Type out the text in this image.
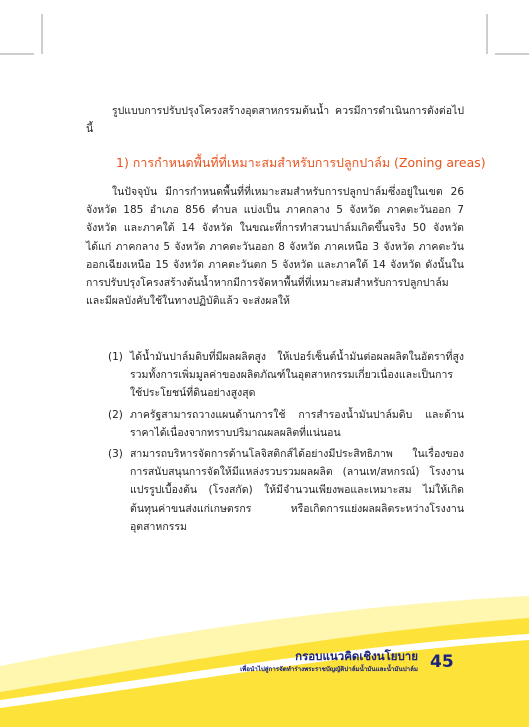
รูปแบบการปรับปรุงโครงสร้างอุตสาหกรรมต้นน้ำ ควรมีการดำเนินการดังต่อไปนี้

1) การกำหนดพื้นที่ที่เหมาะสมสำหรับการปลูกปาล์ม (Zoning areas)

ในปัจจุบัน มีการกำหนดพื้นที่ที่เหมาะสมสำหรับการปลูกปาล์มซึ่งอยู่ในเขต 26 จังหวัด 185 อำเภอ 856 ตำบล แบ่งเป็น ภาคกลาง 5 จังหวัด ภาคตะวันออก 7 จังหวัด และภาคใต้ 14 จังหวัด ในขณะที่การทำสวนปาล์มเกิดขึ้นจริง 50 จังหวัด ได้แก่ ภาคกลาง 5 จังหวัด ภาคตะวันออก 8 จังหวัด ภาคเหนือ 3 จังหวัด ภาคตะวันออกเฉียงเหนือ 15 จังหวัด ภาคตะวันตก 5 จังหวัด และภาคใต้ 14 จังหวัด ดังนั้นในการปรับปรุงโครงสร้างต้นน้ำหากมีการจัดหาพื้นที่ที่เหมาะสมสำหรับการปลูกปาล์มและมีผลบังคับใช้ในทางปฏิบัติแล้ว จะส่งผลให้

(1) ได้น้ำมันปาล์มดิบที่มีผลผลิตสูง ให้เปอร์เซ็นต์น้ำมันต่อผลผลิตในอัตราที่สูง รวมทั้งการเพิ่มมูลค่าของผลิตภัณฑ์ในอุตสาหกรรมเกี่ยวเนื่องและเป็นการใช้ประโยชน์ที่ดินอย่างสูงสุด
(2) ภาครัฐสามารถวางแผนด้านการใช้ การสำรองน้ำมันปาล์มดิบ และด้านราคาได้เนื่องจากทราบปริมาณผลผลิตที่แน่นอน
(3) สามารถบริหารจัดการด้านโลจิสติกส์ได้อย่างมีประสิทธิภาพ ในเรื่องของการสนับสนุนการจัดให้มีแหล่งรวบรวมผลผลิต (ลานเท/สหกรณ์) โรงงานแปรรูปเบื้องต้น (โรงสกัด) ให้มีจำนวนเพียงพอและเหมาะสม ไม่ให้เกิดต้นทุนค่าขนส่งแก่เกษตรกร หรือเกิดการแย่งผลผลิตระหว่างโรงงานอุตสาหกรรม

กรอบแนวคิดเชิงนโยบาย

เพื่อนำไปสู่การจัดทำร่างพระราชบัญญัติปาล์มน้ำมันและน้ำมันปาล์ม 45
